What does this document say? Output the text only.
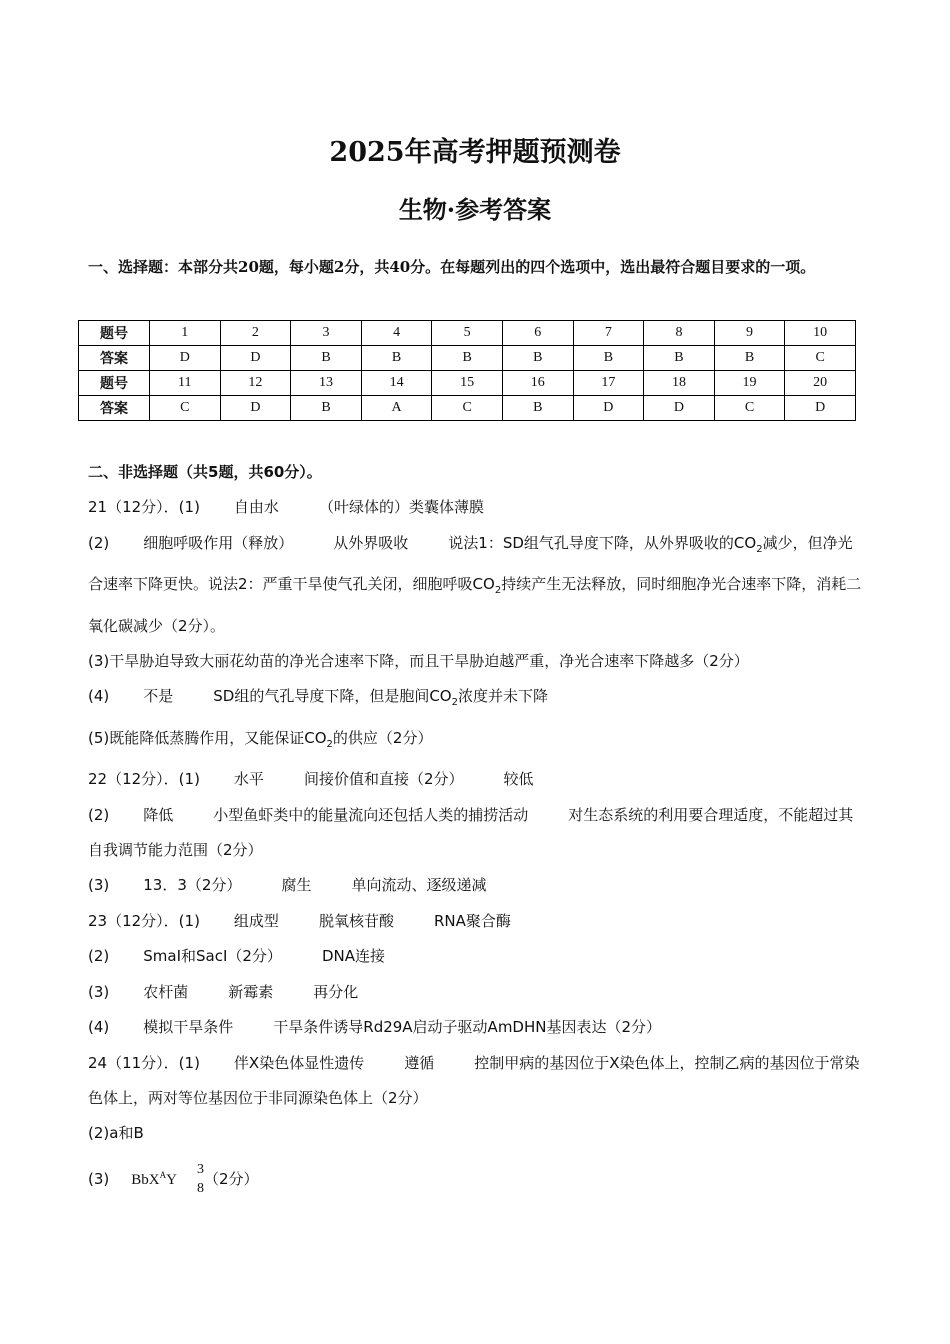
2025年高考押题预测卷
生物·参考答案
一、选择题：本部分共20题，每小题2分，共40分。在每题列出的四个选项中，选出最符合题目要求的一项。
题号	1	2	3	4	5	6	7	8	9	10
答案	D	D	B	B	B	B	B	B	B	C
题号	11	12	13	14	15	16	17	18	19	20
答案	C	D	B	A	C	B	D	D	C	D

二、非选择题（共5题，共60分）。

21（12分）．(1) 自由水	（叶绿体的）类囊体薄膜

(2) 细胞呼吸作用（释放）	从外界吸收	说法1：SD组气孔导度下降，从外界吸收的$CO_2$减少，但净光合速率下降更快。说法2：严重干旱使气孔关闭，细胞呼吸$CO_2$持续产生无法释放，同时细胞净光合速率下降，消耗二氧化碳减少（2分）。

(3)干旱胁迫导致大丽花幼苗的净光合速率下降，而且干旱胁迫越严重，净光合速率下降越多（2分）

(4) 不是	SD组的气孔导度下降，但是胞间$CO_2$浓度并未下降

(5)既能降低蒸腾作用，又能保证$CO_2$的供应（2分）

22（12分）．(1) 水平	间接价值和直接（2分）	较低

(2) 降低	小型鱼虾类中的能量流向还包括人类的捕捞活动	对生态系统的利用要合理适度，不能超过其自我调节能力范围（2分）

(3) 13．3（2分）	腐生	单向流动、逐级递减

23（12分）．(1) 组成型	脱氧核苷酸	RNA聚合酶

(2) SmaⅠ和SacⅠ（2分）	DNA连接

(3) 农杆菌	新霉素	再分化

(4) 模拟干旱条件	干旱条件诱导Rd29A启动子驱动AmDHN基因表达（2分）

24（11分）．(1) 伴X染色体显性遗传	遵循	控制甲病的基因位于X染色体上，控制乙病的基因位于常染色体上，两对等位基因位于非同源染色体上（2分）

(2)a和B

(3) BbX$^A$Y
3
8
（2分）
